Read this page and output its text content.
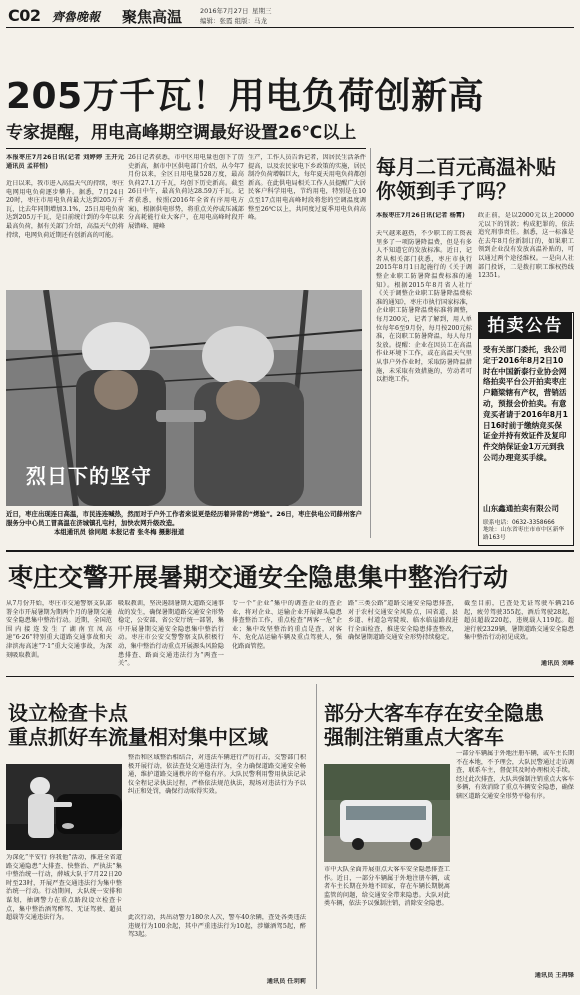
C02 齊魯晚報 聚焦高温	2016年7月27日 星期三
编辑：张霞 组版：马龙
205万千瓦！用电负荷创新高
专家提醒，用电高峰期空调最好设置26℃以上
本报枣庄7月26日讯(记者 刘婷婷 王开元 通讯员 孟祥恒)
近日以来，我市进入高温天气的持续，枣庄电网用电负荷逐步攀升。据悉，7月24日20时，枣庄市用电负荷最大达到205万千瓦，比去年同期增加3.1%，25日用电负荷达到205万千瓦，是目前统计到的今年以来最高负荷，据有关部门介绍，高温天气仍将持续，电网负荷近期还有创新高的可能。
26日记者获悉，市中区用电量也创下了历史新高，据市中区供电部门介绍，从今年7月份以来，全区日用电量528万度，最高负荷27.1万千瓦，均创下历史新高。截至26日中午，最高负荷达28.59万千瓦。记者获悉，按照(2016年全省有序用电方案)，根据供电形势，将重点关停或压减部分高耗能行业大客户，在用电高峰时段开展错峰、避峰
生产，工作人员告诉记者，因居民生活条件提高，以及农民家电下乡政策的实施，居民制冷负荷增幅巨大，每年夏天用电负荷都创新高。在此供电局相关工作人员提醒广大居民客户科学用电，节约用电，特别是在10点至17点用电高峰时段将您的空调温度调整至26℃以上，共同度过夏季用电负荷高峰。
烈日下的坚守
近日，枣庄出现连日高温，市民连连喊热，然而对于户外工作者来说更是经历着异常的“烤验”。26日，枣庄供电公司薛州客户服务分中心员工冒高温在济城镇孔屯村，加快农网升级改造。
本组通讯员 徐同超 本报记者 张冬梅 摄影报道
每月二百元高温补贴
你领到手了吗？
本报枣庄7月26日讯(记者 杨霄)
天气越来越热，不少职工的工资表里多了一项防暑降温费，但是有多人不知道它的发放标准。近日，记者从相关部门获悉，枣庄市执行2015年8月1日起施行的《关于调整企业职工防暑降温费标准的通知》。根据2015年8月省人社厅《关于调整企业职工防暑降温费标准的通知》，枣庄市执行国家标准，企业职工防暑降温费标准将调整，每月200元，记者了解到，用人单位每年6至9月份，每月按200元标准，在岗职工防暑降温，每人每月发放。提醒：企业在因员工在高温作业环境下工作，或在高温天气里从事户外作业时，采取防暑降温措施，未采取有效措施的，劳动者可以拒绝工作。
政正前，是以2000元以上20000元以下的罚款；构成犯罪的，依法追究刑事责任。据悉，这一标准是在去年8月份新制订的，如果职工领到企业没有发放高温补贴的，可以通过两个途径维权。一是向人社部门投诉，二是拨打职工维权热线12351。
拍卖公告
受有关部门委托，我公司定于2016年8月2日10时在中国新泰行业协会网络拍卖平台公开拍卖枣庄户籍梁辖有产权，营销活动，预报会价拍卖。有意竞买者请于2016年8月1日16时前于缴纳竞买保证金并持有效证件及复印件交纳保证金1万元到我公司办理竞买手续。
山东鑫通拍卖有限公司
联系电话：0632-3358666
地址：山东省枣庄市市中区新华路163号
枣庄交警开展暑期交通安全隐患集中整治行动
从7月份开始，枣庄市交通警察支队部署全市开展暑期为期两个月的暑期交通安全隐患集中整治行动。近期，全国范围内接连发生了湖南宜凤高速“6·26”特别重大道路交通事故和天津滨海高速“7·1”重大交通事故，为深刻吸取教训。
吸取教训，坚决遏制暑期大道路交通事故的发生，确保暑期道路交通安全形势稳定，公安部、省公安厅统一部署，集中开展暑期交通安全隐患集中整治行动。枣庄市公安交警警察支队积极行动，集中整治行动重点开展源头风险隐患排查、路面交通违法行为“两查一关”。
专一个“企业”集中的调查企业的查企业，将对企业、运输企业开展源头隐患排查整治工作，重点检查“两客一危”企业；集中攻坚整治的重点是查，对客车、危化品运输车辆及重点驾驶人，强化路面管控。
路“三类公路”道路交通安全隐患排查，对于农村交通安全风险点，国省道、县乡道、村道急弯陡坡、临水临崖路段进行全面检查，推进安全隐患排查整改，确保暑期道路交通安全形势持续稳定。
截至目前，已查处无证驾驶车辆216起，疲劳驾驶355起，酒后驾驶28起，超员超载220起，违规载人119起。超速行驶2329辆，暑期道路交通安全隐患集中整治行动初见成效。
通讯员 刘峰
设立检查卡点
重点抓好车流量相对集中区域
为深化“平安行 你我他”活动，推进全省道路交通隐患“大排查、快整治、严执法”集中整治统一行动，薛城大队于7月22日20时至23时，开展严查交通违法行为集中整治统一行动。行动期间，大队统一安排和谋划，抽调警力在重点路段设立检查卡点，集中整治酒驾醉驾、无证驾驶、超员超载等交通违法行为。
整治和区域整治相结合，对违法车辆进行严厉打击，交警部门积极开展行动，依法查处交通违法行为，全力确保道路交通安全畅通，维护道路交通秩序的平稳有序。大队民警利用警用执法记录仪全程记录执法过程，严格依法规范执法，现场对违法行为予以纠正和处罚，确保行动取得实效。
此次行动，共出动警力180余人次，警车40余辆，查处各类违法违规行为100余起，其中严重违法行为10起，涉嫌酒驾5起，醉驾3起。
通讯员 任玥莉
部分大客车存在安全隐患
强制注销重点大客车
市中大队全面开展重点大客车安全隐患排查工作。近日，一部分车辆属于外地注册车辆，或者车主长期在外地不回家，存在车辆长期脱离监管的问题，给交通安全带来隐患。大队对此类车辆，依法予以强制注销，消除安全隐患。
一部分车辆属于外地注册车辆，或车主长期不在本地，不予理会，大队民警通过走访调查，联系车主，督促其及时办理相关手续。经过此次排查，大队共强制注销重点大客车多辆，有效消除了重点车辆安全隐患，确保辖区道路交通安全形势平稳有序。
通讯员 王再锋
